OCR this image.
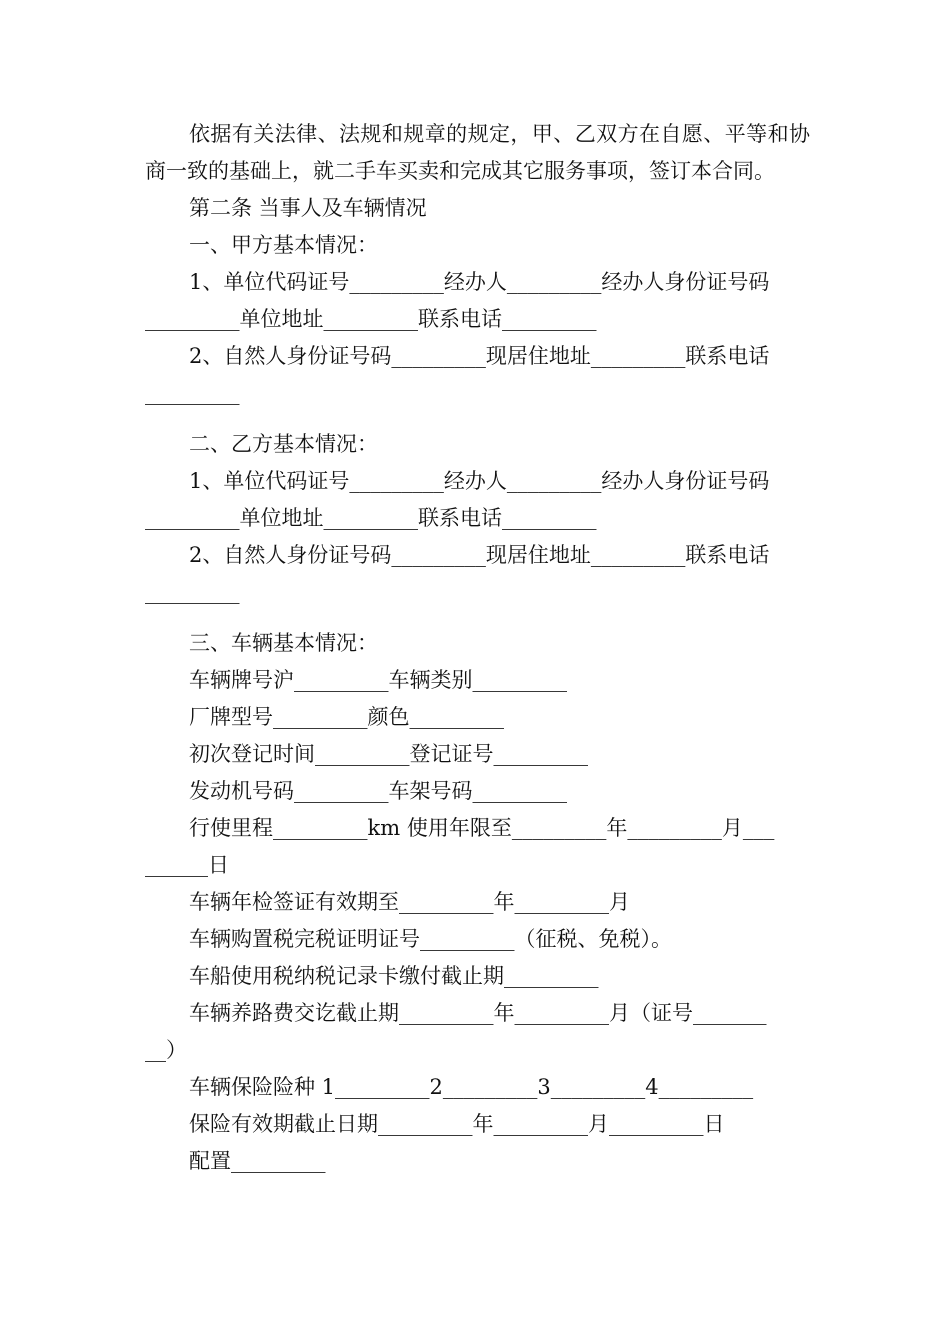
依据有关法律、法规和规章的规定，甲、乙双方在自愿、平等和协商一致的基础上，就二手车买卖和完成其它服务事项，签订本合同。

第二条 当事人及车辆情况

一、甲方基本情况：

1、单位代码证号_________经办人_________经办人身份证号码

_________单位地址_________联系电话_________

2、自然人身份证号码_________现居住地址_________联系电话

_________

二、乙方基本情况：

1、单位代码证号_________经办人_________经办人身份证号码

_________单位地址_________联系电话_________

2、自然人身份证号码_________现居住地址_________联系电话

_________

三、车辆基本情况：

车辆牌号沪_________车辆类别_________

厂牌型号_________颜色_________

初次登记时间_________登记证号_________

发动机号码_________车架号码_________

行使里程_________km 使用年限至_________年_________月___

______日

车辆年检签证有效期至_________年_________月

车辆购置税完税证明证号_________（征税、免税）。

车船使用税纳税记录卡缴付截止期_________

车辆养路费交讫截止期_________年_________月（证号_______

__）

车辆保险险种 1_________2_________3_________4_________

保险有效期截止日期_________年_________月_________日

配置_________
